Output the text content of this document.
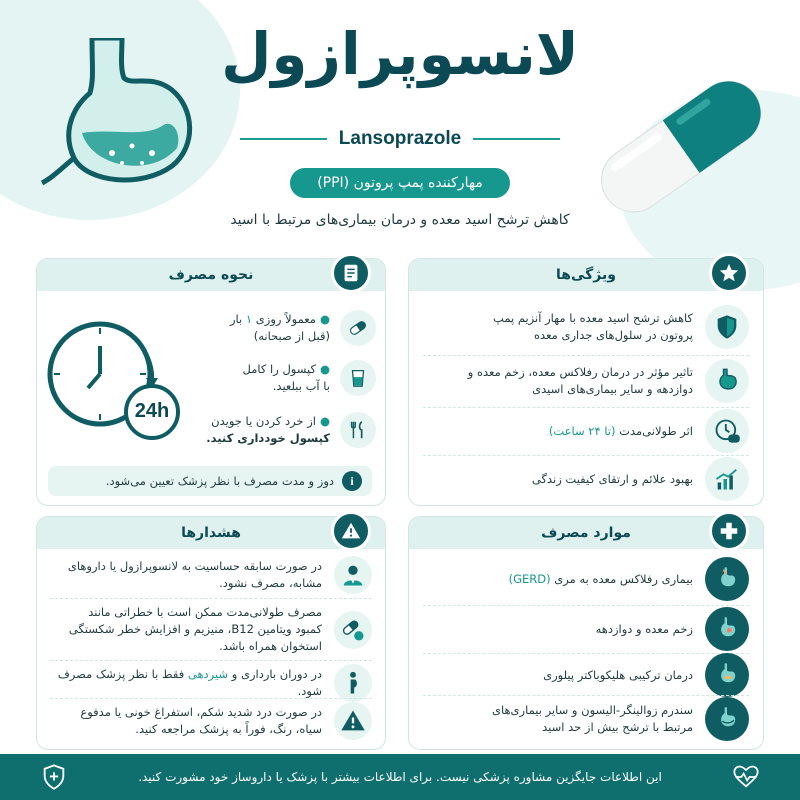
لانسوپرازول
Lansoprazole
مهارکننده پمپ پروتون (PPI)
کاهش ترشح اسید معده و درمان بیماری‌های مرتبط با اسید
ویژگی‌ها
کاهش ترشح اسید معده با مهار آنزیم پمپ پروتون در سلول‌های جداری معده
تاثیر مؤثر در درمان رفلاکس معده، زخم معده و دوازدهه و سایر بیماری‌های اسیدی
اثر طولانی‌مدت (تا ۲۴ ساعت)
بهبود علائم و ارتقای کیفیت زندگی
نحوه مصرف
24h
●معمولاً روزی ۱ بار
(قبل از صبحانه)
●کپسول را کامل
با آب ببلعید.
●از خرد کردن یا جویدن
کپسول خودداری کنید.
i
دوز و مدت مصرف با نظر پزشک تعیین می‌شود.
موارد مصرف
بیماری رفلاکس معده به مری (GERD)
زخم معده و دوازدهه
درمان ترکیبی هلیکوباکتر پیلوری
سندرم زوالینگر-الیسون و سایر بیماری‌های مرتبط با ترشح بیش از حد اسید
هشدارها
در صورت سابقه حساسیت به لانسوپرازول یا داروهای مشابه، مصرف نشود.
مصرف طولانی‌مدت ممکن است با خطراتی مانند کمبود ویتامین B12، منیزیم و افزایش خطر شکستگی استخوان همراه باشد.
در دوران بارداری و شیردهی فقط با نظر پزشک مصرف شود.
در صورت درد شدید شکم، استفراغ خونی یا مدفوع سیاه، رنگ، فوراً به پزشک مراجعه کنید.
این اطلاعات جایگزین مشاوره پزشکی نیست. برای اطلاعات بیشتر با پزشک یا داروساز خود مشورت کنید.
